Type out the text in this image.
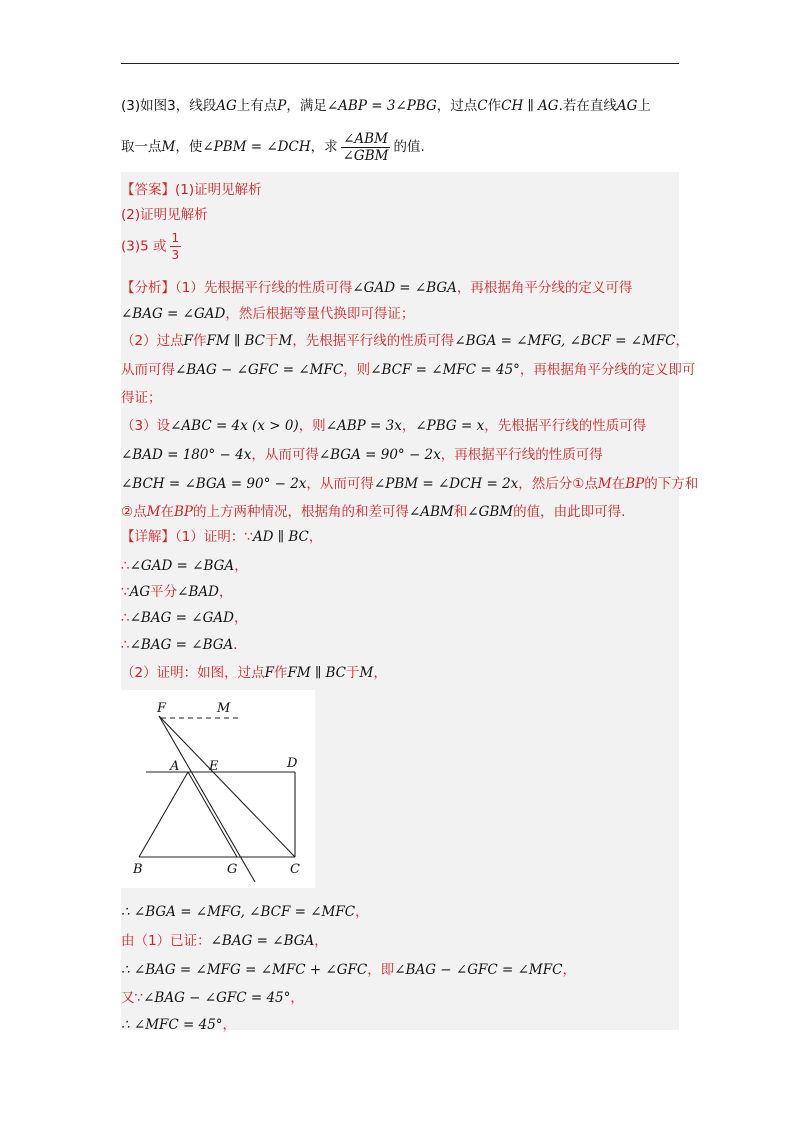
(3)如图3，线段AG上有点P，满足∠ABP = 3∠PBG，过点C作CH ∥ AG.若在直线AG上
取一点M，使∠PBM = ∠DCH，求 $\frac{\text{∠ABM}}{\text{∠GBM}}$ 的值.
【答案】(1)证明见解析
(2)证明见解析
(3)5 或 $\frac{1}{3}$
【分析】（1）先根据平行线的性质可得∠GAD = ∠BGA，再根据角平分线的定义可得
∠BAG = ∠GAD，然后根据等量代换即可得证；
（2）过点F作FM ∥ BC于M，先根据平行线的性质可得∠BGA = ∠MFG, ∠BCF = ∠MFC，
从而可得∠BAG − ∠GFC = ∠MFC，则∠BCF = ∠MFC = 45°，再根据角平分线的定义即可
得证；
（3）设∠ABC = 4x (x > 0)，则∠ABP = 3x，∠PBG = x，先根据平行线的性质可得
∠BAD = 180° − 4x，从而可得∠BGA = 90° − 2x，再根据平行线的性质可得
∠BCH = ∠BGA = 90° − 2x，从而可得∠PBM = ∠DCH = 2x，然后分①点M在BP的下方和
②点M在BP的上方两种情况，根据角的和差可得∠ABM和∠GBM的值，由此即可得.
【详解】（1）证明：∵AD ∥ BC，
∴∠GAD = ∠BGA，
∵AG平分∠BAD，
∴∠BAG = ∠GAD，
∴∠BAG = ∠BGA．
（2）证明：如图，过点F作FM ∥ BC于M，
F	M
A E	D
B	G	C
∴ ∠BGA = ∠MFG, ∠BCF = ∠MFC，
由（1）已证：∠BAG = ∠BGA，
∴ ∠BAG = ∠MFG = ∠MFC + ∠GFC，即∠BAG − ∠GFC = ∠MFC，
又∵∠BAG − ∠GFC = 45°，
∴ ∠MFC = 45°，
